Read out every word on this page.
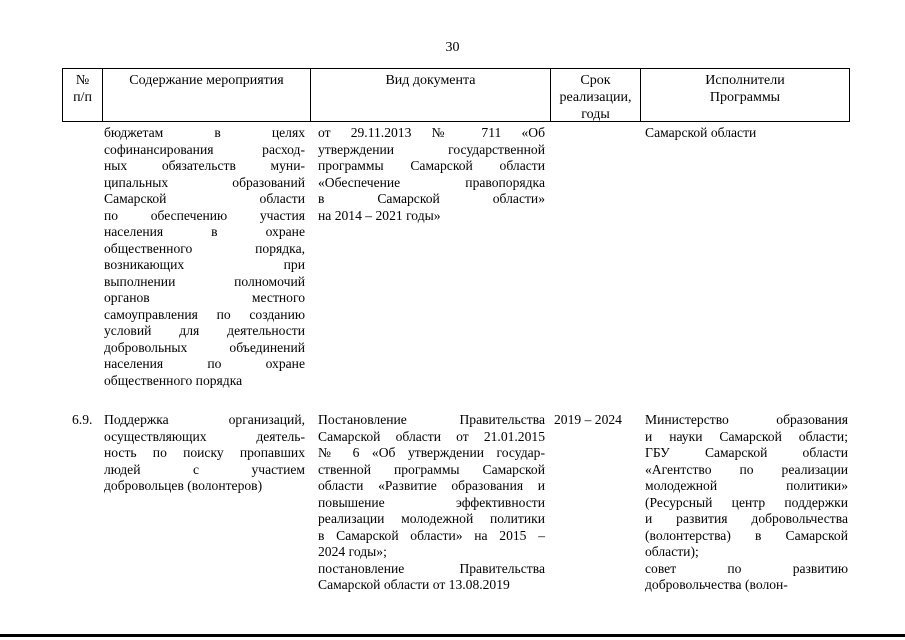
30
№
п/п
Содержание мероприятия	Вид документа	Срок
реализации,
годы
Исполнители
Программы
бюджетам в целях
софинансирования расход-
ных обязательств муни-
ципальных образований
Самарской области
по обеспечению участия
населения в охране
общественного порядка,
возникающих при
выполнении полномочий
органов местного
самоуправления по созданию
условий для деятельности
добровольных объединений
населения по охране
общественного порядка
от 29.11.2013 № 711 «Об
утверждении государственной
программы Самарской области
«Обеспечение правопорядка
в Самарской области»
на 2014 – 2021 годы»
Самарской области
6.9. Поддержка организаций,
осуществляющих деятель-
ность по поиску пропавших
людей с участием
добровольцев (волонтеров)
Постановление Правительства
Самарской области от 21.01.2015
№ 6 «Об утверждении государ-
ственной программы Самарской
области «Развитие образования и
повышение эффективности
реализации молодежной политики
в Самарской области» на 2015 –
2024 годы»;
постановление Правительства
Самарской области от 13.08.2019
2019 – 2024 Министерство образования
и науки Самарской области;
ГБУ Самарской области
«Агентство по реализации
молодежной политики»
(Ресурсный центр поддержки
и развития добровольчества
(волонтерства) в Самарской
области);
совет по развитию
добровольчества (волон-
